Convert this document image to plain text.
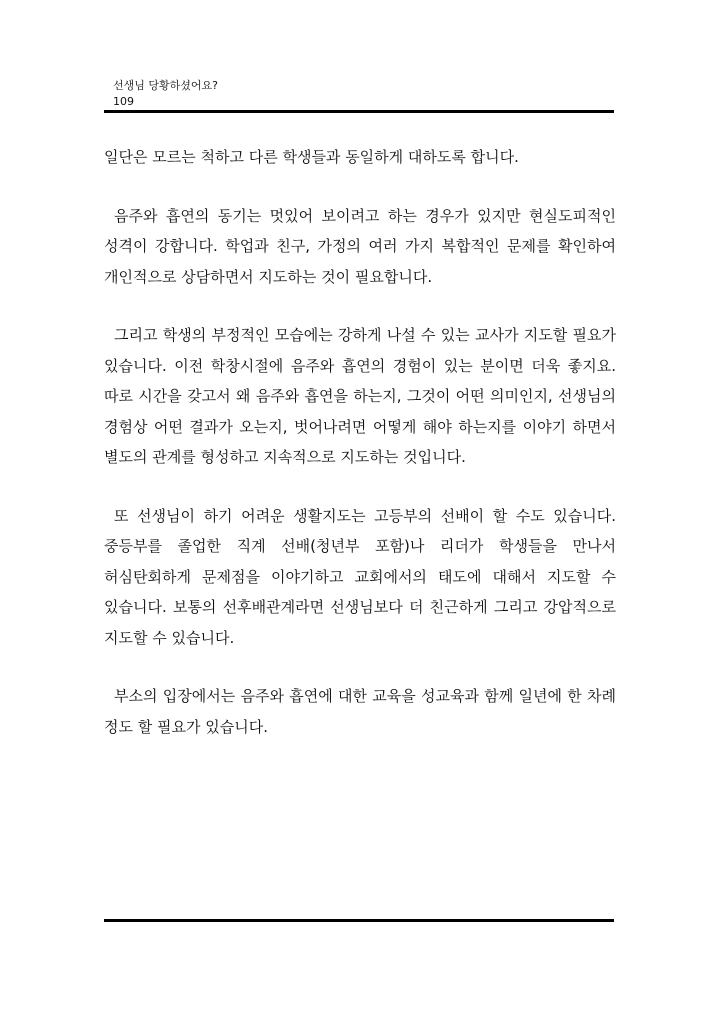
선생님 당황하셨어요?
109

일단은 모르는 척하고 다른 학생들과 동일하게 대하도록 합니다.

음주와 흡연의 동기는 멋있어 보이려고 하는 경우가 있지만 현실도피적인 성격이 강합니다. 학업과 친구, 가정의 여러 가지 복합적인 문제를 확인하여 개인적으로 상담하면서 지도하는 것이 필요합니다.

그리고 학생의 부정적인 모습에는 강하게 나설 수 있는 교사가 지도할 필요가 있습니다. 이전 학창시절에 음주와 흡연의 경험이 있는 분이면 더욱 좋지요. 따로 시간을 갖고서 왜 음주와 흡연을 하는지, 그것이 어떤 의미인지, 선생님의 경험상 어떤 결과가 오는지, 벗어나려면 어떻게 해야 하는지를 이야기 하면서 별도의 관계를 형성하고 지속적으로 지도하는 것입니다.

또 선생님이 하기 어려운 생활지도는 고등부의 선배이 할 수도 있습니다. 중등부를 졸업한 직계 선배(청년부 포함)나 리더가 학생들을 만나서 허심탄회하게 문제점을 이야기하고 교회에서의 태도에 대해서 지도할 수 있습니다. 보통의 선후배관계라면 선생님보다 더 친근하게 그리고 강압적으로 지도할 수 있습니다.

부소의 입장에서는 음주와 흡연에 대한 교육을 성교육과 함께 일년에 한 차례 정도 할 필요가 있습니다.
